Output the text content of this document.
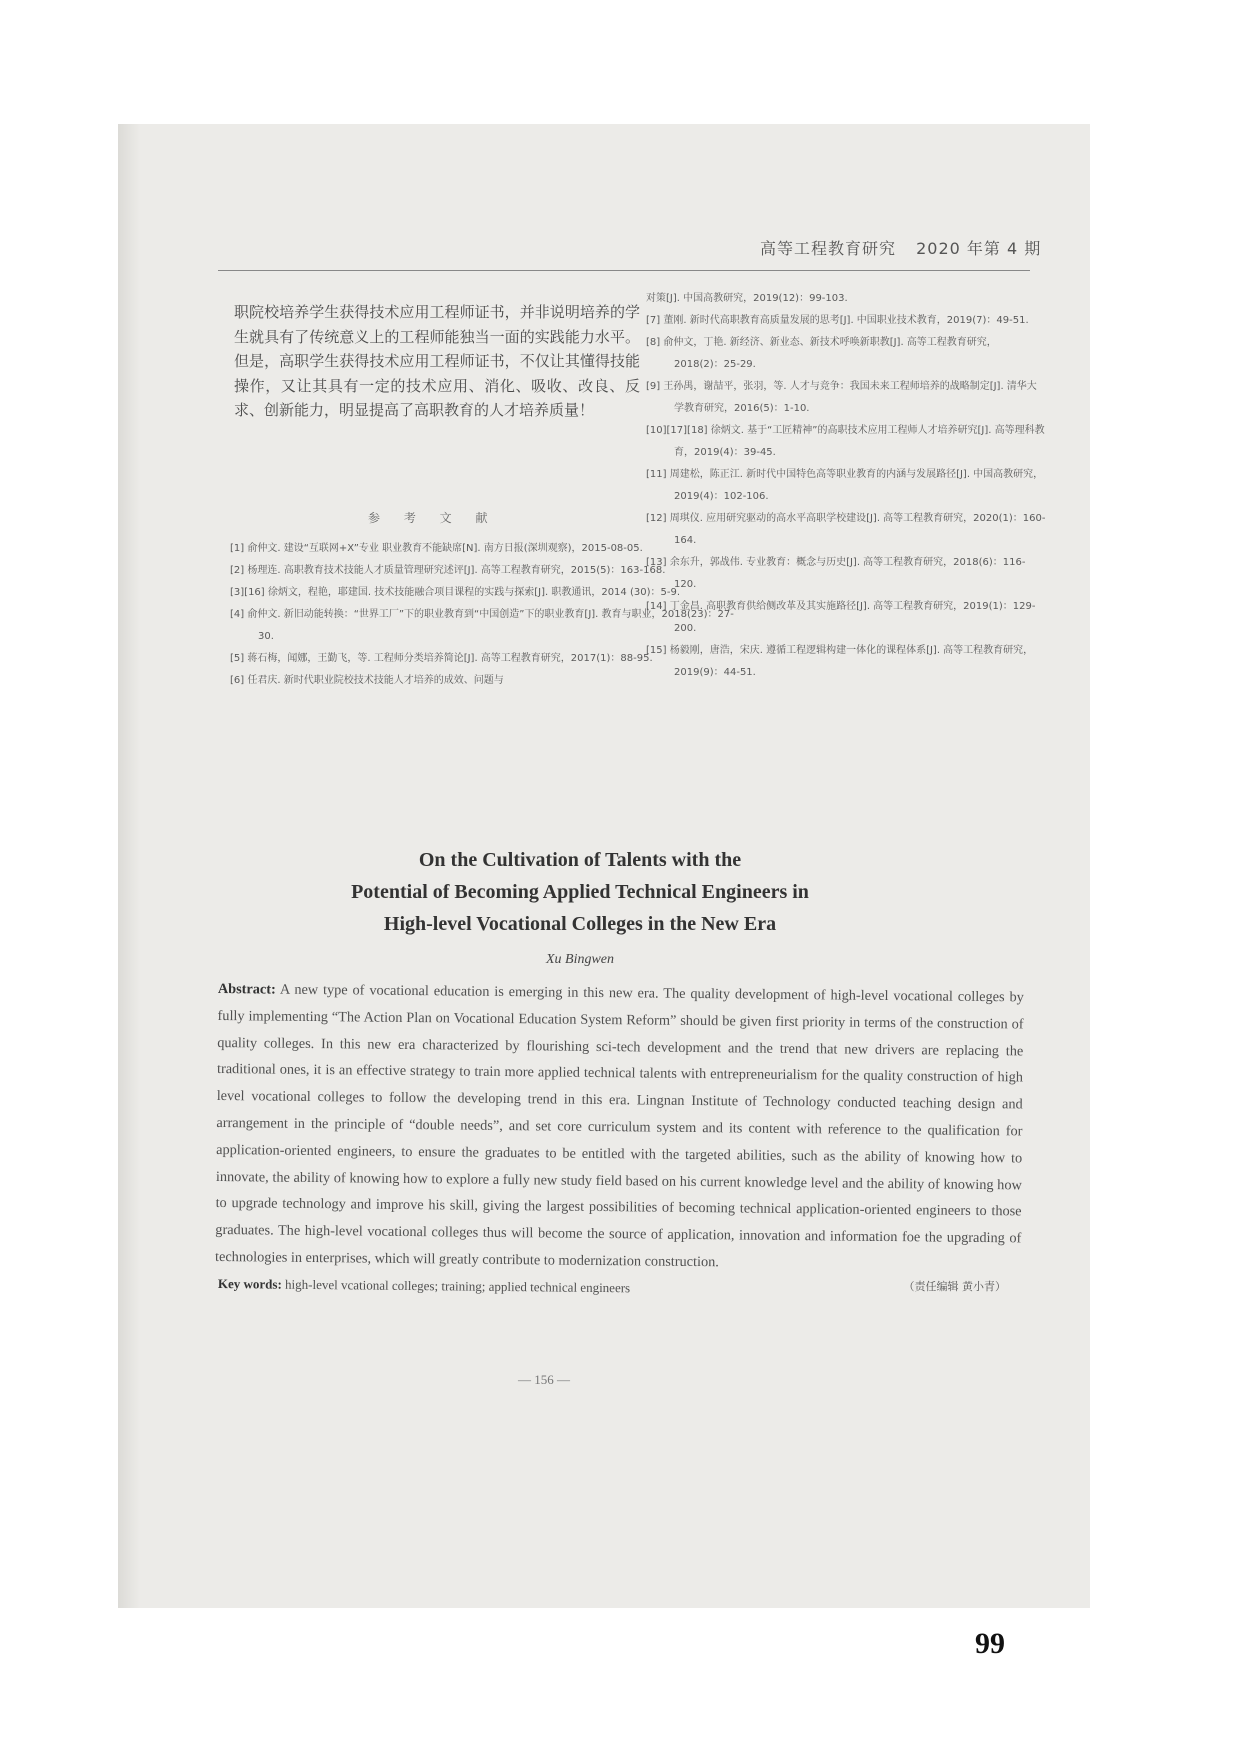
高等工程教育研究 2020 年第 4 期
职院校培养学生获得技术应用工程师证书，并非说明培养的学生就具有了传统意义上的工程师能独当一面的实践能力水平。但是，高职学生获得技术应用工程师证书，不仅让其懂得技能操作，又让其具有一定的技术应用、消化、吸收、改良、反求、创新能力，明显提高了高职教育的人才培养质量！
参 考 文 献

[1] 俞仲文. 建设“互联网+X”专业 职业教育不能缺席[N]. 南方日报(深圳观察)，2015-08-05.

[2] 杨理连. 高职教育技术技能人才质量管理研究述评[J]. 高等工程教育研究，2015(5)：163-168.

[3][16] 徐炳文，程艳，耶建国. 技术技能融合项目课程的实践与探索[J]. 职教通讯，2014 (30)：5-9.

[4] 俞仲文. 新旧动能转换：“世界工厂”下的职业教育到“中国创造”下的职业教育[J]. 教育与职业，2018(23)：27-30.

[5] 蒋石梅，闻娜，王勤飞，等. 工程师分类培养简论[J]. 高等工程教育研究，2017(1)：88-95.

[6] 任君庆. 新时代职业院校技术技能人才培养的成效、问题与

对策[J]. 中国高教研究，2019(12)：99-103.

[7] 董刚. 新时代高职教育高质量发展的思考[J]. 中国职业技术教育，2019(7)：49-51.

[8] 俞仲文，丁艳. 新经济、新业态、新技术呼唤新职教[J]. 高等工程教育研究，2018(2)：25-29.

[9] 王孙禺，谢喆平，张羽，等. 人才与竞争：我国未来工程师培养的战略制定[J]. 清华大学教育研究，2016(5)：1-10.

[10][17][18] 徐炳文. 基于“工匠精神”的高职技术应用工程师人才培养研究[J]. 高等理科教育，2019(4)：39-45.

[11] 周建松，陈正江. 新时代中国特色高等职业教育的内涵与发展路径[J]. 中国高教研究，2019(4)：102-106.

[12] 周琪仪. 应用研究驱动的高水平高职学校建设[J]. 高等工程教育研究，2020(1)：160-164.

[13] 余东升，郭战伟. 专业教育：概念与历史[J]. 高等工程教育研究，2018(6)：116-120.

[14] 丁金昌. 高职教育供给侧改革及其实施路径[J]. 高等工程教育研究，2019(1)：129-200.

[15] 杨毅刚，唐浩，宋庆. 遵循工程逻辑构建一体化的课程体系[J]. 高等工程教育研究，2019(9)：44-51.

On the Cultivation of Talents with the
Potential of Becoming Applied Technical Engineers in
High-level Vocational Colleges in the New Era
Xu Bingwen
Abstract: A new type of vocational education is emerging in this new era. The quality development of high-level vocational colleges by fully implementing “The Action Plan on Vocational Education System Reform” should be given first priority in terms of the construction of quality colleges. In this new era characterized by flourishing sci-tech development and the trend that new drivers are replacing the traditional ones, it is an effective strategy to train more applied technical talents with entrepreneurialism for the quality construction of high level vocational colleges to follow the developing trend in this era. Lingnan Institute of Technology conducted teaching design and arrangement in the principle of “double needs”, and set core curriculum system and its content with reference to the qualification for application-oriented engineers, to ensure the graduates to be entitled with the targeted abilities, such as the ability of knowing how to innovate, the ability of knowing how to explore a fully new study field based on his current knowledge level and the ability of knowing how to upgrade technology and improve his skill, giving the largest possibilities of becoming technical application-oriented engineers to those graduates. The high-level vocational colleges thus will become the source of application, innovation and information foe the upgrading of technologies in enterprises, which will greatly contribute to modernization construction.
Key words: high-level vcational colleges; training; applied technical engineers	（责任编辑 黄小青）
— 156 —
99
